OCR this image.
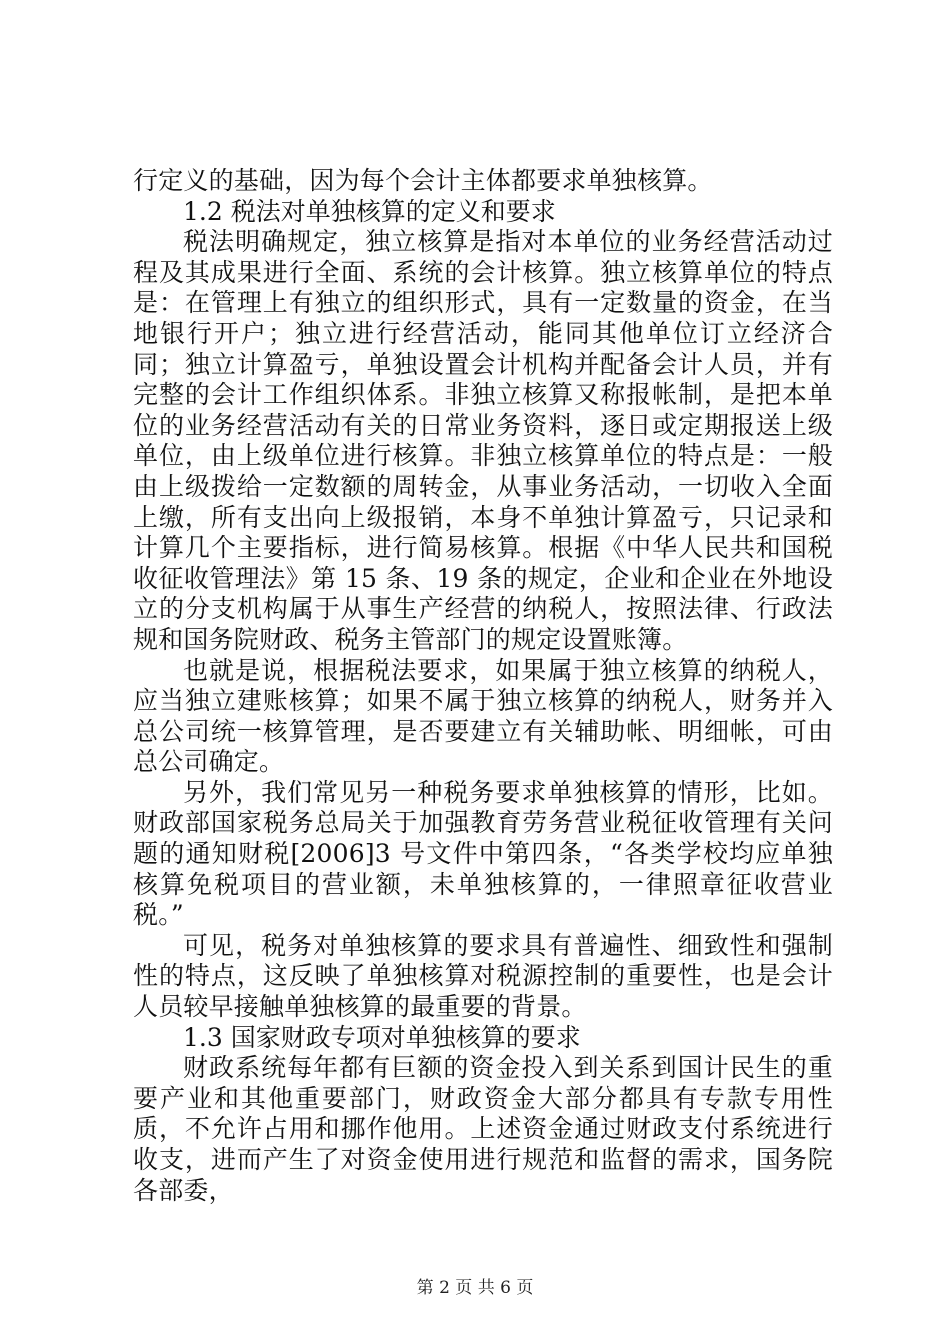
行定义的基础，因为每个会计主体都要求单独核算。

1.2 税法对单独核算的定义和要求

税法明确规定，独立核算是指对本单位的业务经营活动过程及其成果进行全面、系统的会计核算。独立核算单位的特点是：在管理上有独立的组织形式，具有一定数量的资金，在当地银行开户；独立进行经营活动，能同其他单位订立经济合同；独立计算盈亏，单独设置会计机构并配备会计人员，并有完整的会计工作组织体系。非独立核算又称报帐制，是把本单位的业务经营活动有关的日常业务资料，逐日或定期报送上级单位，由上级单位进行核算。非独立核算单位的特点是：一般由上级拨给一定数额的周转金，从事业务活动，一切收入全面上缴，所有支出向上级报销，本身不单独计算盈亏，只记录和计算几个主要指标，进行简易核算。根据《中华人民共和国税收征收管理法》第 15 条、19 条的规定，企业和企业在外地设立的分支机构属于从事生产经营的纳税人，按照法律、行政法规和国务院财政、税务主管部门的规定设置账簿。

也就是说，根据税法要求，如果属于独立核算的纳税人，应当独立建账核算；如果不属于独立核算的纳税人，财务并入总公司统一核算管理，是否要建立有关辅助帐、明细帐，可由总公司确定。

另外，我们常见另一种税务要求单独核算的情形，比如。财政部国家税务总局关于加强教育劳务营业税征收管理有关问题的通知财税[2006]3 号文件中第四条，“各类学校均应单独核算免税项目的营业额，未单独核算的，一律照章征收营业税。”

可见，税务对单独核算的要求具有普遍性、细致性和强制性的特点，这反映了单独核算对税源控制的重要性，也是会计人员较早接触单独核算的最重要的背景。

1.3 国家财政专项对单独核算的要求

财政系统每年都有巨额的资金投入到关系到国计民生的重要产业和其他重要部门，财政资金大部分都具有专款专用性质，不允许占用和挪作他用。上述资金通过财政支付系统进行收支，进而产生了对资金使用进行规范和监督的需求，国务院各部委，

第 2 页 共 6 页
